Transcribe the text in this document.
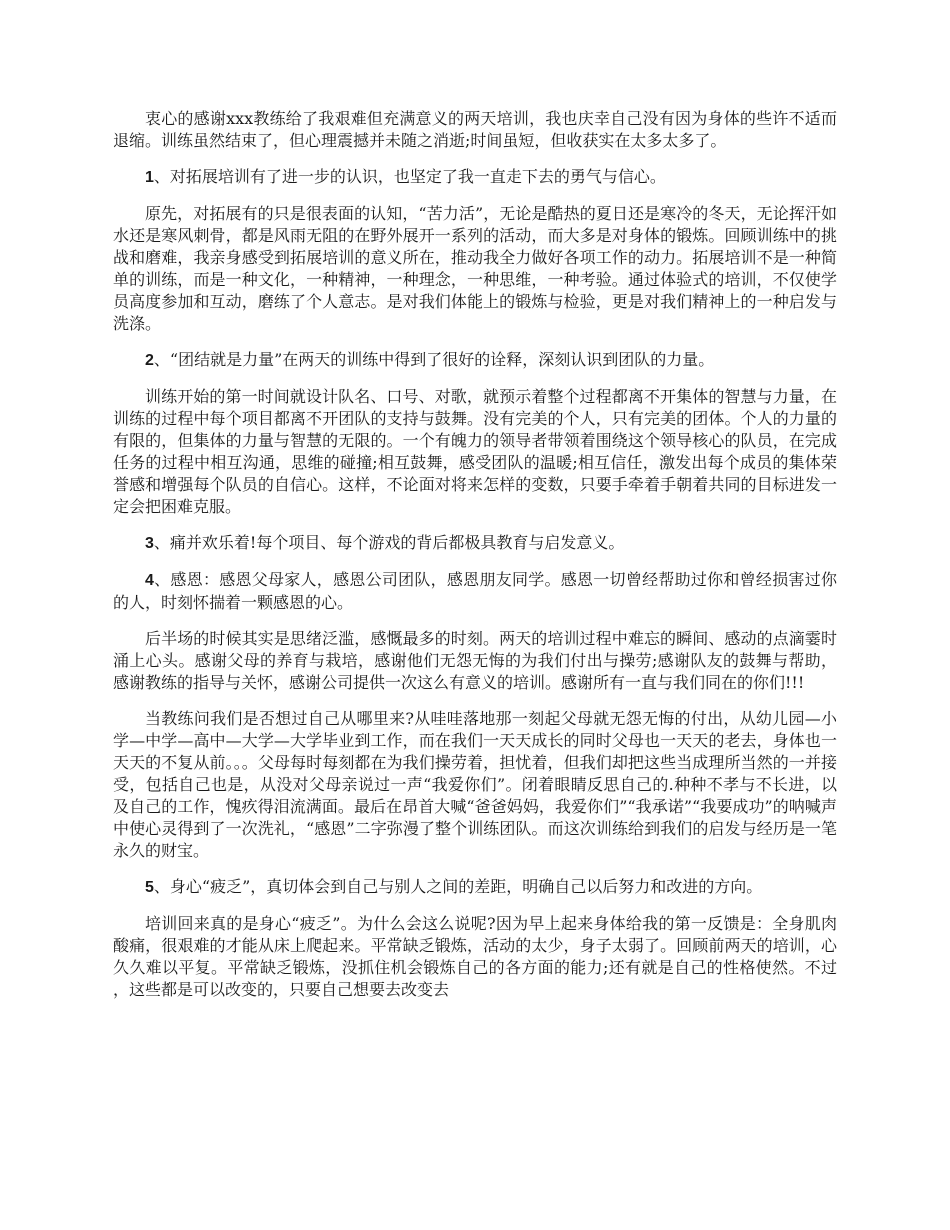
衷心的感谢xxx教练给了我艰难但充满意义的两天培训，我也庆幸自己没有因为身体的些许不适而退缩。训练虽然结束了，但心理震撼并未随之消逝;时间虽短，但收获实在太多太多了。

1、对拓展培训有了进一步的认识，也坚定了我一直走下去的勇气与信心。

原先，对拓展有的只是很表面的认知，“苦力活”，无论是酷热的夏日还是寒冷的冬天，无论挥汗如水还是寒风刺骨，都是风雨无阻的在野外展开一系列的活动，而大多是对身体的锻炼。回顾训练中的挑战和磨难，我亲身感受到拓展培训的意义所在，推动我全力做好各项工作的动力。拓展培训不是一种简单的训练，而是一种文化，一种精神，一种理念，一种思维，一种考验。通过体验式的培训，不仅使学员高度参加和互动，磨练了个人意志。是对我们体能上的锻炼与检验，更是对我们精神上的一种启发与洗涤。

2、“团结就是力量”在两天的训练中得到了很好的诠释，深刻认识到团队的力量。

训练开始的第一时间就设计队名、口号、对歌，就预示着整个过程都离不开集体的智慧与力量，在训练的过程中每个项目都离不开团队的支持与鼓舞。没有完美的个人，只有完美的团体。个人的力量的有限的，但集体的力量与智慧的无限的。一个有魄力的领导者带领着围绕这个领导核心的队员，在完成任务的过程中相互沟通，思维的碰撞;相互鼓舞，感受团队的温暖;相互信任，激发出每个成员的集体荣誉感和增强每个队员的自信心。这样，不论面对将来怎样的变数，只要手牵着手朝着共同的目标进发一定会把困难克服。

3、痛并欢乐着!每个项目、每个游戏的背后都极具教育与启发意义。

4、感恩：感恩父母家人，感恩公司团队，感恩朋友同学。感恩一切曾经帮助过你和曾经损害过你的人，时刻怀揣着一颗感恩的心。

后半场的时候其实是思绪泛滥，感慨最多的时刻。两天的培训过程中难忘的瞬间、感动的点滴霎时涌上心头。感谢父母的养育与栽培，感谢他们无怨无悔的为我们付出与操劳;感谢队友的鼓舞与帮助，感谢教练的指导与关怀，感谢公司提供一次这么有意义的培训。感谢所有一直与我们同在的你们!!!

当教练问我们是否想过自己从哪里来?从哇哇落地那一刻起父母就无怨无悔的付出，从幼儿园—小学—中学—高中—大学—大学毕业到工作，而在我们一天天成长的同时父母也一天天的老去，身体也一天天的不复从前。。。父母每时每刻都在为我们操劳着，担忧着，但我们却把这些当成理所当然的一并接受，包括自己也是，从没对父母亲说过一声“我爱你们”。闭着眼睛反思自己的.种种不孝与不长进，以及自己的工作，愧疚得泪流满面。最后在昂首大喊“爸爸妈妈，我爱你们”“我承诺”“我要成功”的呐喊声中使心灵得到了一次洗礼，“感恩”二字弥漫了整个训练团队。而这次训练给到我们的启发与经历是一笔永久的财宝。

5、身心“疲乏”，真切体会到自己与别人之间的差距，明确自己以后努力和改进的方向。

培训回来真的是身心“疲乏”。为什么会这么说呢?因为早上起来身体给我的第一反馈是：全身肌肉酸痛，很艰难的才能从床上爬起来。平常缺乏锻炼，活动的太少，身子太弱了。回顾前两天的培训，心久久难以平复。平常缺乏锻炼，没抓住机会锻炼自己的各方面的能力;还有就是自己的性格使然。不过，这些都是可以改变的，只要自己想要去改变去
